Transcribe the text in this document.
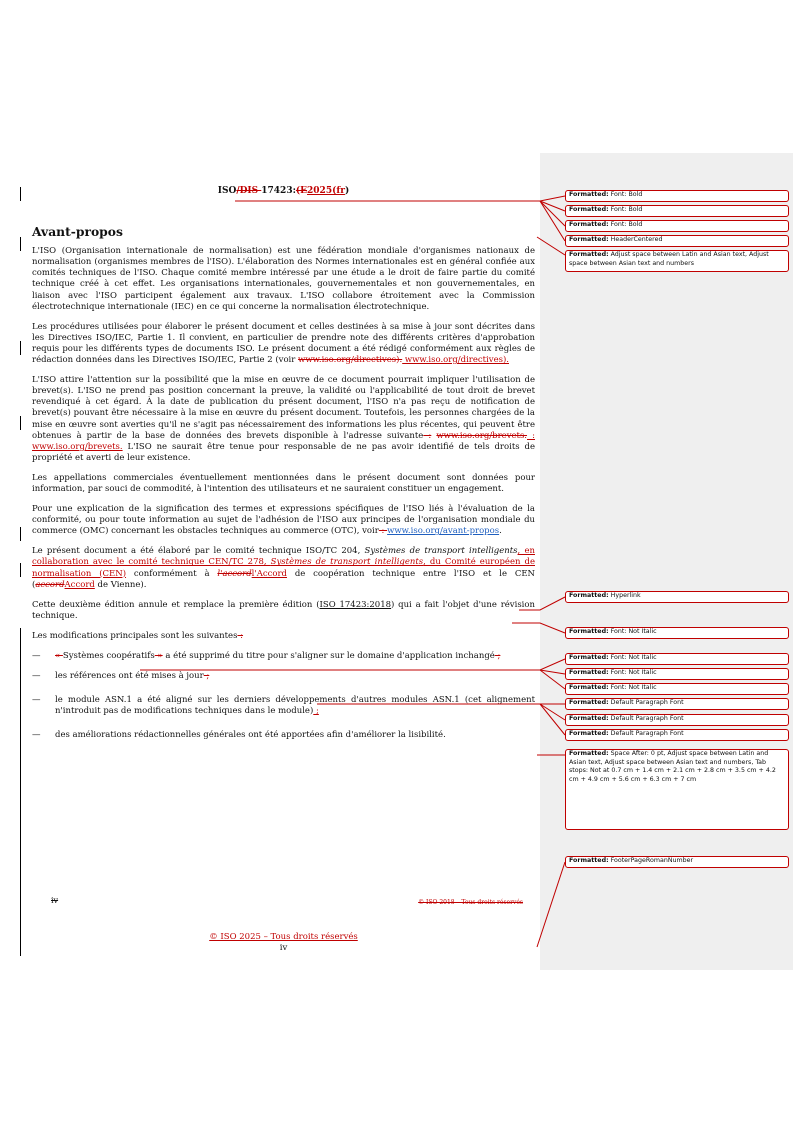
ISO/DIS 17423:(E2025(fr)
Avant-propos

L'ISO (Organisation internationale de normalisation) est une fédération mondiale d'organismes nationaux de normalisation (organismes membres de l'ISO). L'élaboration des Normes internationales est en général confiée aux comités techniques de l'ISO. Chaque comité membre intéressé par une étude a le droit de faire partie du comité technique créé à cet effet. Les organisations internationales, gouvernementales et non gouvernementales, en liaison avec l'ISO participent également aux travaux. L'ISO collabore étroitement avec la Commission électrotechnique internationale (IEC) en ce qui concerne la normalisation électrotechnique.

Les procédures utilisées pour élaborer le présent document et celles destinées à sa mise à jour sont décrites dans les Directives ISO/IEC, Partie 1. Il convient, en particulier de prendre note des différents critères d'approbation requis pour les différents types de documents ISO. Le présent document a été rédigé conformément aux règles de rédaction données dans les Directives ISO/IEC, Partie 2 (voir www.iso.org/directives). www.iso.org/directives).

L'ISO attire l'attention sur la possibilité que la mise en œuvre de ce document pourrait impliquer l'utilisation de brevet(s). L'ISO ne prend pas position concernant la preuve, la validité ou l'applicabilité de tout droit de brevet revendiqué à cet égard. À la date de publication du présent document, l'ISO n'a pas reçu de notification de brevet(s) pouvant être nécessaire à la mise en œuvre du présent document. Toutefois, les personnes chargées de la mise en œuvre sont averties qu'il ne s'agit pas nécessairement des informations les plus récentes, qui peuvent être obtenues à partir de la base de données des brevets disponible à l'adresse suivante : www.iso.org/brevets. : www.iso.org/brevets. L'ISO ne saurait être tenue pour responsable de ne pas avoir identifié de tels droits de propriété et averti de leur existence.

Les appellations commerciales éventuellement mentionnées dans le présent document sont données pour information, par souci de commodité, à l'intention des utilisateurs et ne sauraient constituer un engagement.

Pour une explication de la signification des termes et expressions spécifiques de l'ISO liés à l'évaluation de la conformité, ou pour toute information au sujet de l'adhésion de l'ISO aux principes de l'organisation mondiale du commerce (OMC) concernant les obstacles techniques au commerce (OTC), voir : www.iso.org/avant-propos.

Le présent document a été élaboré par le comité technique ISO/TC 204, Systèmes de transport intelligents, en collaboration avec le comité technique CEN/TC 278, Systèmes de transport intelligents, du Comité européen de normalisation (CEN) conformément à l'accordl'Accord de coopération technique entre l'ISO et le CEN (accordAccord de Vienne).

Cette deuxième édition annule et remplace la première édition (ISO 17423:2018) qui a fait l'objet d'une révision technique.

Les modifications principales sont les suivantes :

—	« Systèmes coopératifs » a été supprimé du titre pour s'aligner sur le domaine d'application inchangé ;

—	les références ont été mises à jour ;

—	le module ASN.1 a été aligné sur les derniers développements d'autres modules ASN.1 (cet alignement n'introduit pas de modifications techniques dans le module) ;

—	des améliorations rédactionnelles générales ont été apportées afin d'améliorer la lisibilité.

iv	© ISO 2018 – Tous droits réservés
© ISO 2025 – Tous droits réservés
iv
Formatted: Font: Bold
Formatted: Font: Bold
Formatted: Font: Bold
Formatted: HeaderCentered
Formatted: Adjust space between Latin and Asian text, Adjust space between Asian text and numbers
Formatted: Hyperlink
Formatted: Font: Not Italic
Formatted: Font: Not Italic
Formatted: Font: Not Italic
Formatted: Font: Not Italic
Formatted: Default Paragraph Font
Formatted: Default Paragraph Font
Formatted: Default Paragraph Font
Formatted: Space After: 0 pt, Adjust space between Latin and Asian text, Adjust space between Asian text and numbers, Tab stops: Not at 0.7 cm + 1.4 cm + 2.1 cm + 2.8 cm + 3.5 cm + 4.2 cm + 4.9 cm + 5.6 cm + 6.3 cm + 7 cm
Formatted: FooterPageRomanNumber
